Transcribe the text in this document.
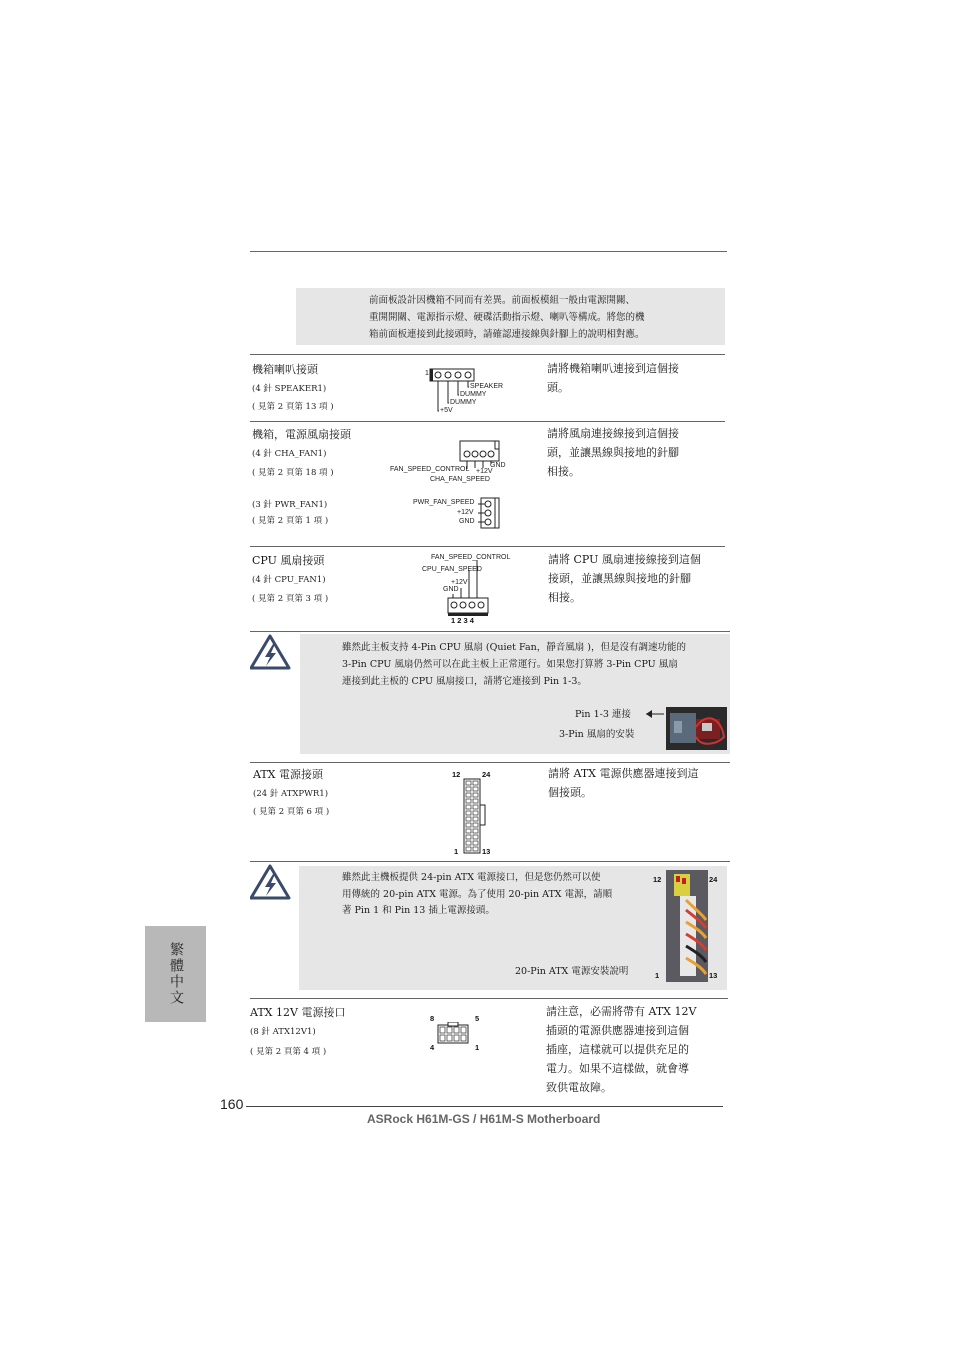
前面板設計因機箱不同而有差異。前面板模組一般由電源開關、
重開開關、電源指示燈、硬碟活動指示燈、喇叭等構成。將您的機
箱前面板連接到此接頭時，請確認連接線與針腳上的說明相對應。
機箱喇叭接頭
(4 針 SPEAKER1)
( 見第 2 頁第 13 項 )
請將機箱喇叭連接到這個接
頭。
1
SPEAKER
DUMMY
DUMMY
+5V
機箱，電源風扇接頭
(4 針 CHA_FAN1)
( 見第 2 頁第 18 項 )
請將風扇連接線接到這個接
頭，並讓黑線與接地的針腳
相接。
GND
+12V
FAN_SPEED_CONTROL
CHA_FAN_SPEED
(3 針 PWR_FAN1)
( 見第 2 頁第 1 項 )
PWR_FAN_SPEED
+12V
GND
CPU 風扇接頭
(4 針 CPU_FAN1)
( 見第 2 頁第 3 項 )
請將 CPU 風扇連接線接到這個
接頭，並讓黑線與接地的針腳
相接。
FAN_SPEED_CONTROL
CPU_FAN_SPEED
+12V
GND
1 2 3 4
雖然此主板支持 4-Pin CPU 風扇 (Quiet Fan，靜音風扇 )，但是沒有調速功能的
3-Pin CPU 風扇仍然可以在此主板上正常運行。如果您打算將 3-Pin CPU 風扇
連接到此主板的 CPU 風扇接口，請將它連接到 Pin 1-3。
Pin 1-3 連接
3-Pin 風扇的安裝
ATX 電源接頭
(24 針 ATXPWR1)
( 見第 2 頁第 6 項 )
請將 ATX 電源供應器連接到這
個接頭。
12	24
1	13
雖然此主機板提供 24-pin ATX 電源接口，但是您仍然可以使
用傳統的 20-pin ATX 電源。為了使用 20-pin ATX 電源，請順
著 Pin 1 和 Pin 13 插上電源接頭。
20-Pin ATX 電源安裝說明
12	24
1	13
ATX 12V 電源接口
(8 針 ATX12V1)
( 見第 2 頁第 4 項 )
請注意，必需將帶有 ATX 12V
插頭的電源供應器連接到這個
插座，這樣就可以提供充足的
電力。如果不這樣做，就會導
致供電故障。
8	5
4	1
繁體中文
160
ASRock H61M-GS / H61M-S Motherboard
